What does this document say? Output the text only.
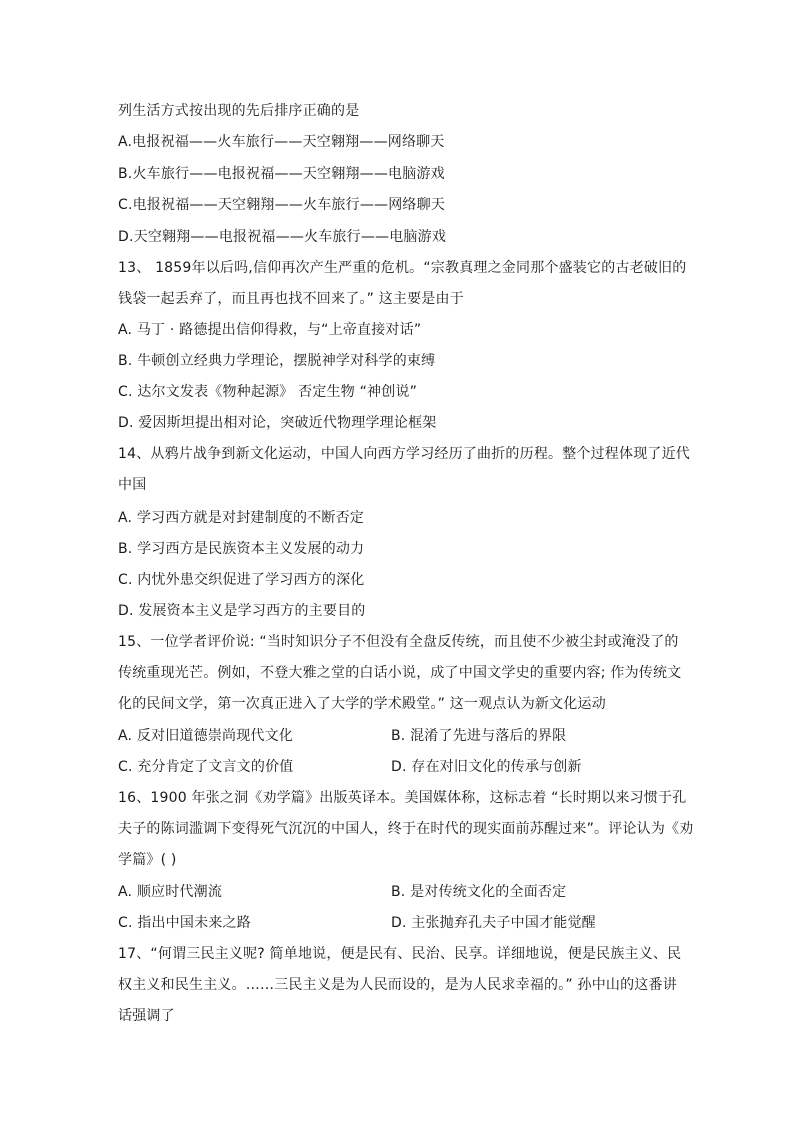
列生活方式按出现的先后排序正确的是
A.电报祝福——火车旅行——天空翱翔——网络聊天
B.火车旅行——电报祝福——天空翱翔——电脑游戏
C.电报祝福——天空翱翔——火车旅行——网络聊天
D.天空翱翔——电报祝福——火车旅行——电脑游戏
13、 1859年以后吗,信仰再次产生严重的危机。“宗教真理之金同那个盛装它的古老破旧的
钱袋一起丢弃了，而且再也找不回来了。” 这主要是由于
A. 马丁 · 路德提出信仰得救，与“上帝直接对话”
B. 牛顿创立经典力学理论，摆脱神学对科学的束缚
C. 达尔文发表《物种起源》 否定生物 “神创说”
D. 爱因斯坦提出相对论，突破近代物理学理论框架
14、从鸦片战争到新文化运动，中国人向西方学习经历了曲折的历程。整个过程体现了近代
中国
A. 学习西方就是对封建制度的不断否定
B. 学习西方是民族资本主义发展的动力
C. 内忧外患交织促进了学习西方的深化
D. 发展资本主义是学习西方的主要目的
15、一位学者评价说: “当时知识分子不但没有全盘反传统，而且使不少被尘封或淹没了的
传统重现光芒。例如，不登大雅之堂的白话小说，成了中国文学史的重要内容; 作为传统文
化的民间文学，第一次真正进入了大学的学术殿堂。” 这一观点认为新文化运动
A. 反对旧道德崇尚现代文化	B. 混淆了先进与落后的界限
C. 充分肯定了文言文的价值	D. 存在对旧文化的传承与创新
16、1900 年张之洞《劝学篇》出版英译本。美国媒体称，这标志着 “长时期以来习惯于孔
夫子的陈词滥调下变得死气沉沉的中国人，终于在时代的现实面前苏醒过来”。评论认为《劝
学篇》( )
A. 顺应时代潮流	B. 是对传统文化的全面否定
C. 指出中国未来之路	D. 主张抛弃孔夫子中国才能觉醒
17、“何谓三民主义呢? 简单地说，便是民有、民治、民享。详细地说，便是民族主义、民
权主义和民生主义。……三民主义是为人民而设的，是为人民求幸福的。” 孙中山的这番讲
话强调了
